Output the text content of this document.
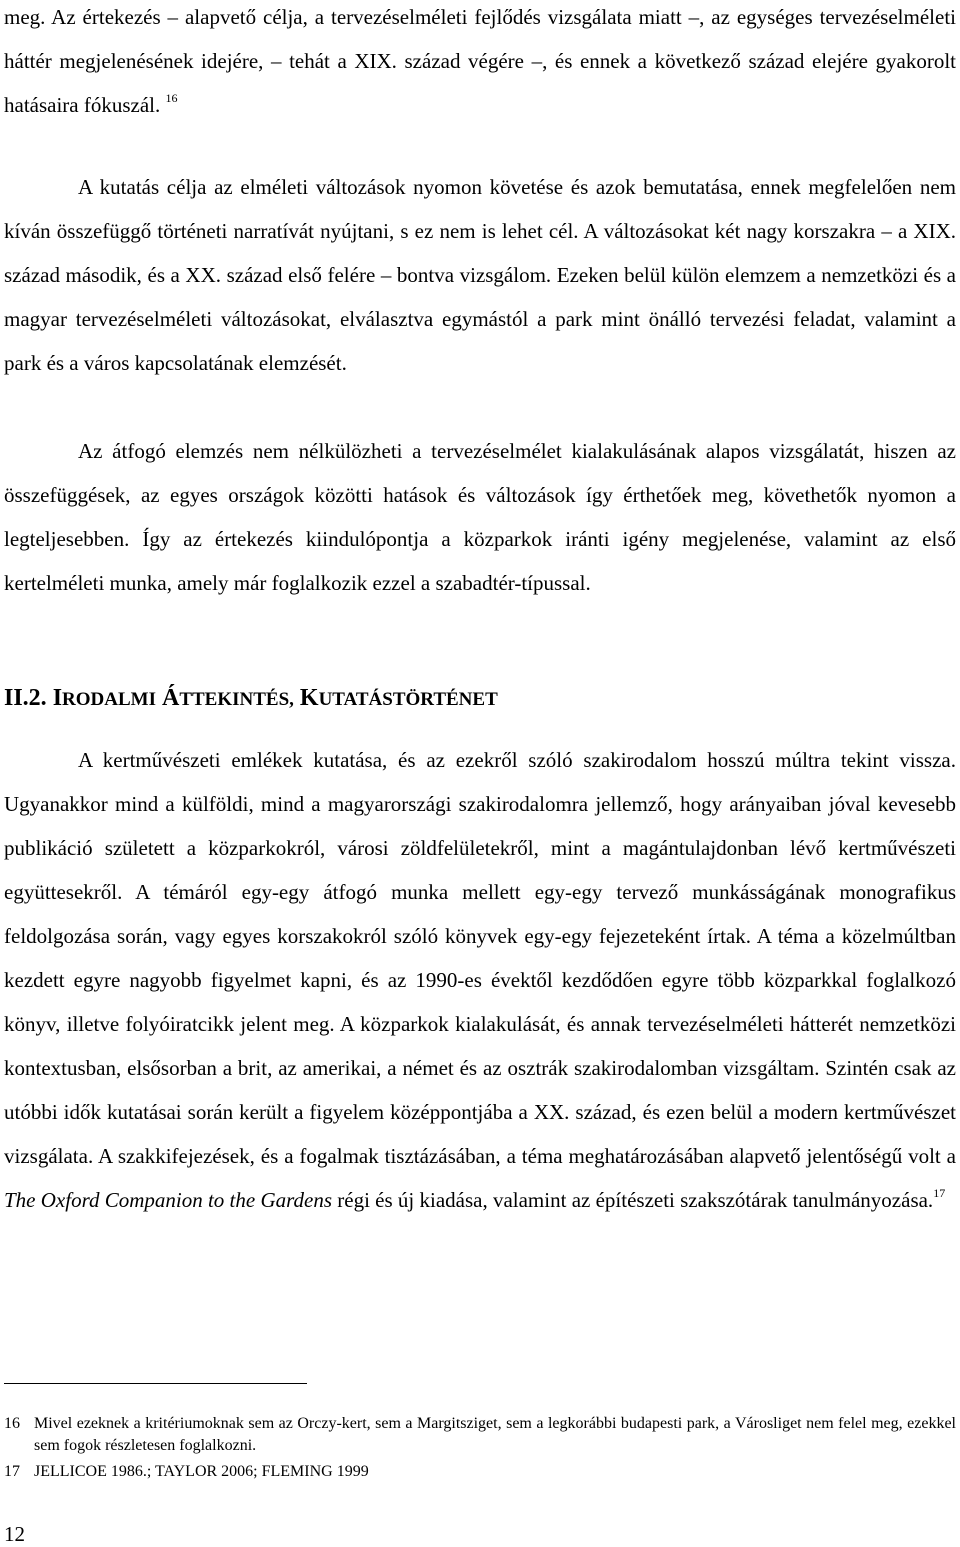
meg. Az értekezés – alapvető célja, a tervezéselméleti fejlődés vizsgálata miatt –, az egységes tervezéselméleti háttér megjelenésének idejére, – tehát a XIX. század végére –, és ennek a következő század elejére gyakorolt hatásaira fókuszál. $^{16}$

A kutatás célja az elméleti változások nyomon követése és azok bemutatása, ennek megfelelően nem kíván összefüggő történeti narratívát nyújtani, s ez nem is lehet cél. A változásokat két nagy korszakra – a XIX. század második, és a XX. század első felére – bontva vizsgálom. Ezeken belül külön elemzem a nemzetközi és a magyar tervezéselméleti változásokat, elválasztva egymástól a park mint önálló tervezési feladat, valamint a park és a város kapcsolatának elemzését.

Az átfogó elemzés nem nélkülözheti a tervezéselmélet kialakulásának alapos vizsgálatát, hiszen az összefüggések, az egyes országok közötti hatások és változások így érthetőek meg, követhetők nyomon a legteljesebben. Így az értekezés kiindulópontja a közparkok iránti igény megjelenése, valamint az első kertelméleti munka, amely már foglalkozik ezzel a szabadtér-típussal.

II.2. IRODALMI ÁTTEKINTÉS, KUTATÁSTÖRTÉNET

A kertművészeti emlékek kutatása, és az ezekről szóló szakirodalom hosszú múltra tekint vissza. Ugyanakkor mind a külföldi, mind a magyarországi szakirodalomra jellemző, hogy arányaiban jóval kevesebb publikáció született a közparkokról, városi zöldfelületekről, mint a magántulajdonban lévő kertművészeti együttesekről. A témáról egy-egy átfogó munka mellett egy-egy tervező munkásságának monografikus feldolgozása során, vagy egyes korszakokról szóló könyvek egy-egy fejezeteként írtak. A téma a közelmúltban kezdett egyre nagyobb figyelmet kapni, és az 1990-es évektől kezdődően egyre több közparkkal foglalkozó könyv, illetve folyóiratcikk jelent meg. A közparkok kialakulását, és annak tervezéselméleti hátterét nemzetközi kontextusban, elsősorban a brit, az amerikai, a német és az osztrák szakirodalomban vizsgáltam. Szintén csak az utóbbi idők kutatásai során került a figyelem középpontjába a XX. század, és ezen belül a modern kertművészet vizsgálata. A szakkifejezések, és a fogalmak tisztázásában, a téma meghatározásában alapvető jelentőségű volt a The Oxford Companion to the Gardens régi és új kiadása, valamint az építészeti szakszótárak tanulmányozása.$^{17}$

16 Mivel ezeknek a kritériumoknak sem az Orczy-kert, sem a Margitsziget, sem a legkorábbi budapesti park, a Városliget nem felel meg, ezekkel sem fogok részletesen foglalkozni.
17 JELLICOE 1986.; TAYLOR 2006; FLEMING 1999
12
